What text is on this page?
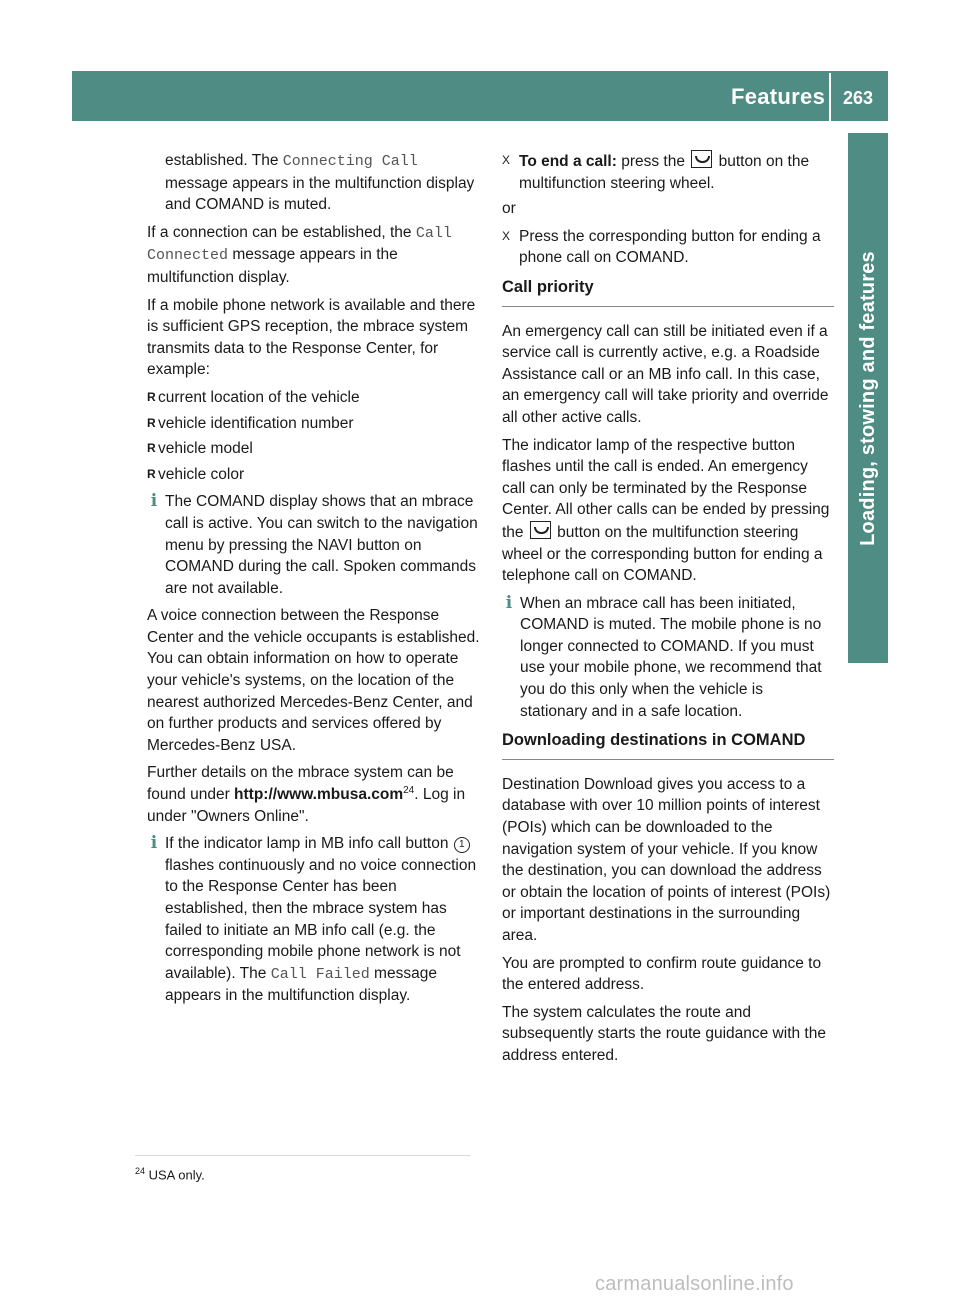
Features 263
Loading, stowing and features

established. The Connecting Call message appears in the multifunction display and COMAND is muted.

If a connection can be established, the Call Connected message appears in the multifunction display.

If a mobile phone network is available and there is sufficient GPS reception, the mbrace system transmits data to the Response Center, for example:

R current location of the vehicle
R vehicle identification number
R vehicle model
R vehicle color
i The COMAND display shows that an mbrace call is active. You can switch to the navigation menu by pressing the NAVI button on COMAND during the call. Spoken commands are not available.

A voice connection between the Response Center and the vehicle occupants is established. You can obtain information on how to operate your vehicle's systems, on the location of the nearest authorized Mercedes-Benz Center, and on further products and services offered by Mercedes-Benz USA.

Further details on the mbrace system can be found under http://www.mbusa.com$^{24}$. Log in under "Owners Online".

i If the indicator lamp in MB info call button 1 flashes continuously and no voice connection to the Response Center has been established, then the mbrace system has failed to initiate an MB info call (e.g. the corresponding mobile phone network is not available). The Call Failed message appears in the multifunction display.
X To end a call: press the  button on the multifunction steering wheel.

or

X Press the corresponding button for ending a phone call on COMAND.
Call priority

An emergency call can still be initiated even if a service call is currently active, e.g. a Roadside Assistance call or an MB info call. In this case, an emergency call will take priority and override all other active calls.

The indicator lamp of the respective button flashes until the call is ended. An emergency call can only be terminated by the Response Center. All other calls can be ended by pressing the  button on the multifunction steering wheel or the corresponding button for ending a telephone call on COMAND.

i When an mbrace call has been initiated, COMAND is muted. The mobile phone is no longer connected to COMAND. If you must use your mobile phone, we recommend that you do this only when the vehicle is stationary and in a safe location.
Downloading destinations in COMAND

Destination Download gives you access to a database with over 10 million points of interest (POIs) which can be downloaded to the navigation system of your vehicle. If you know the destination, you can download the address or obtain the location of points of interest (POIs) or important destinations in the surrounding area.

You are prompted to confirm route guidance to the entered address.

The system calculates the route and subsequently starts the route guidance with the address entered.

$^{24}$ USA only.
carmanualsonline.info
